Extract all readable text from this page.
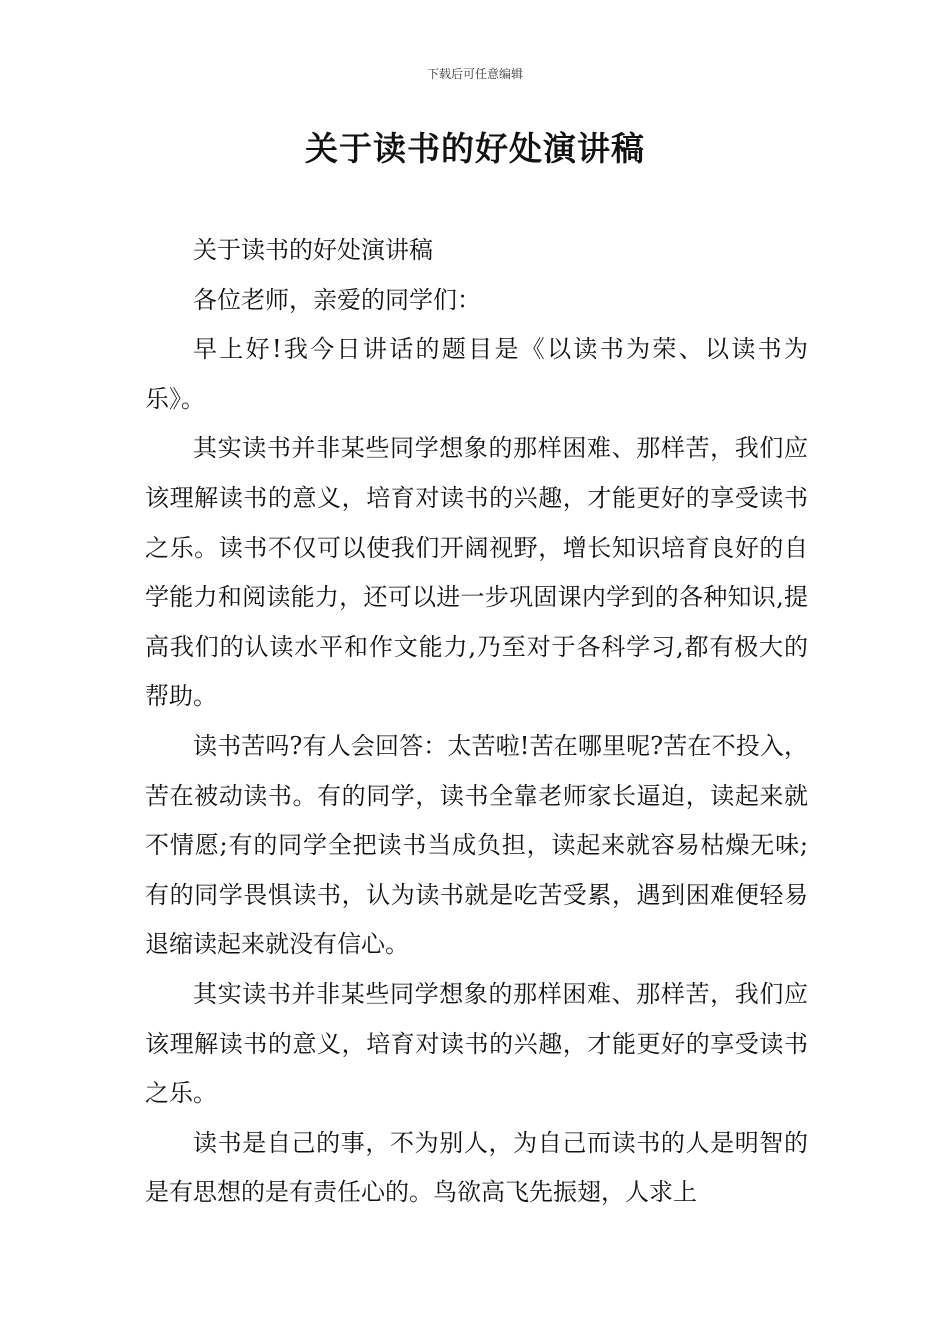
下载后可任意编辑
关于读书的好处演讲稿

关于读书的好处演讲稿

各位老师，亲爱的同学们：

早上好!我今日讲话的题目是《以读书为荣、以读书为乐》。

其实读书并非某些同学想象的那样困难、那样苦，我们应该理解读书的意义，培育对读书的兴趣，才能更好的享受读书之乐。读书不仅可以使我们开阔视野，增长知识培育良好的自学能力和阅读能力，还可以进一步巩固课内学到的各种知识,提高我们的认读水平和作文能力,乃至对于各科学习,都有极大的帮助。

读书苦吗?有人会回答：太苦啦!苦在哪里呢?苦在不投入，苦在被动读书。有的同学，读书全靠老师家长逼迫，读起来就不情愿;有的同学全把读书当成负担，读起来就容易枯燥无味;有的同学畏惧读书，认为读书就是吃苦受累，遇到困难便轻易退缩读起来就没有信心。

其实读书并非某些同学想象的那样困难、那样苦，我们应该理解读书的意义，培育对读书的兴趣，才能更好的享受读书之乐。

读书是自己的事，不为别人，为自己而读书的人是明智的是有思想的是有责任心的。鸟欲高飞先振翅，人求上
